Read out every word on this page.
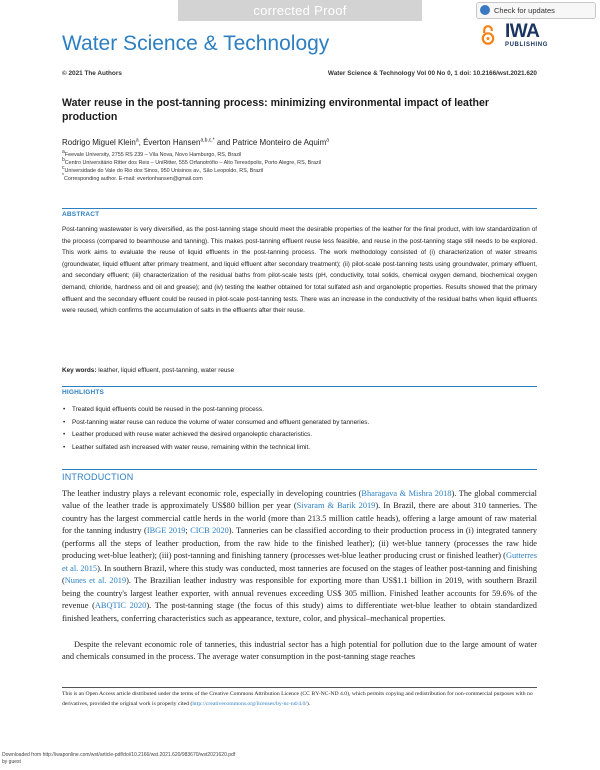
corrected Proof	Check for updates
Water Science & Technology
IWA
PUBLISHING
© 2021 The Authors	Water Science & Technology Vol 00 No 0, 1 doi: 10.2166/wst.2021.620
Water reuse in the post-tanning process: minimizing environmental impact of leather production
Rodrigo Miguel Klein$^a$, Éverton Hansen$^{a,b,c,*}$ and Patrice Monteiro de Aquim$^a$
$^a$Feevale University, 2755 RS 239 – Vila Nova, Novo Hamburgo, RS, Brazil
$^b$Centro Universitário Ritter dos Reis – UniRitter, 555 Orfanotrófio – Alto Teresópolis, Porto Alegre, RS, Brazil
$^c$Universidade do Vale do Rio dos Sinos, 950 Unisinos av., São Leopoldo, RS, Brazil
*Corresponding author. E-mail: evertonhansen@gmail.com
ABSTRACT
Post-tanning wastewater is very diversified, as the post-tanning stage should meet the desirable properties of the leather for the final product, with low standardization of the process (compared to beamhouse and tanning). This makes post-tanning effluent reuse less feasible, and reuse in the post-tanning stage still needs to be explored. This work aims to evaluate the reuse of liquid effluents in the post-tanning process. The work methodology consisted of (i) characterization of water streams (groundwater, liquid effluent after primary treatment, and liquid effluent after secondary treatment); (ii) pilot-scale post-tanning tests using groundwater, primary effluent, and secondary effluent; (iii) characterization of the residual baths from pilot-scale tests (pH, conductivity, total solids, chemical oxygen demand, biochemical oxygen demand, chloride, hardness and oil and grease); and (iv) testing the leather obtained for total sulfated ash and organoleptic properties. Results showed that the primary effluent and the secondary effluent could be reused in pilot-scale post-tanning tests. There was an increase in the conductivity of the residual baths when liquid effluents were reused, which confirms the accumulation of salts in the effluents after their reuse.
Key words: leather, liquid effluent, post-tanning, water reuse
HIGHLIGHTS
• Treated liquid effluents could be reused in the post-tanning process.
• Post-tanning water reuse can reduce the volume of water consumed and effluent generated by tanneries.
• Leather produced with reuse water achieved the desired organoleptic characteristics.
• Leather sulfated ash increased with water reuse, remaining within the technical limit.
INTRODUCTION
The leather industry plays a relevant economic role, especially in developing countries (Bharagava & Mishra 2018). The global commercial value of the leather trade is approximately US$80 billion per year (Sivaram & Barik 2019). In Brazil, there are about 310 tanneries. The country has the largest commercial cattle herds in the world (more than 213.5 million cattle heads), offering a large amount of raw material for the tanning industry (IBGE 2019; CICB 2020). Tanneries can be classified according to their production process in (i) integrated tannery (performs all the steps of leather production, from the raw hide to the finished leather); (ii) wet-blue tannery (processes the raw hide producing wet-blue leather); (iii) post-tanning and finishing tannery (processes wet-blue leather producing crust or finished leather) (Gutterres et al. 2015). In southern Brazil, where this study was conducted, most tanneries are focused on the stages of leather post-tanning and finishing (Nunes et al. 2019). The Brazilian leather industry was responsible for exporting more than US$1.1 billion in 2019, with southern Brazil being the country's largest leather exporter, with annual revenues exceeding US$ 305 million. Finished leather accounts for 59.6% of the revenue (ABQTIC 2020). The post-tanning stage (the focus of this study) aims to differentiate wet-blue leather to obtain standardized finished leathers, conferring characteristics such as appearance, texture, color, and physical–mechanical properties.
Despite the relevant economic role of tanneries, this industrial sector has a high potential for pollution due to the large amount of water and chemicals consumed in the process. The average water consumption in the post-tanning stage reaches
This is an Open Access article distributed under the terms of the Creative Commons Attribution Licence (CC BY-NC-ND 4.0), which permits copying and redistribution for non-commercial purposes with no derivatives, provided the original work is properly cited (http://creativecommons.org/licenses/by-nc-nd/4.0/).
Downloaded from http://iwaponline.com/wst/article-pdf/doi/10.2166/wst.2021.620/983670/wst2021620.pdf
by guest
